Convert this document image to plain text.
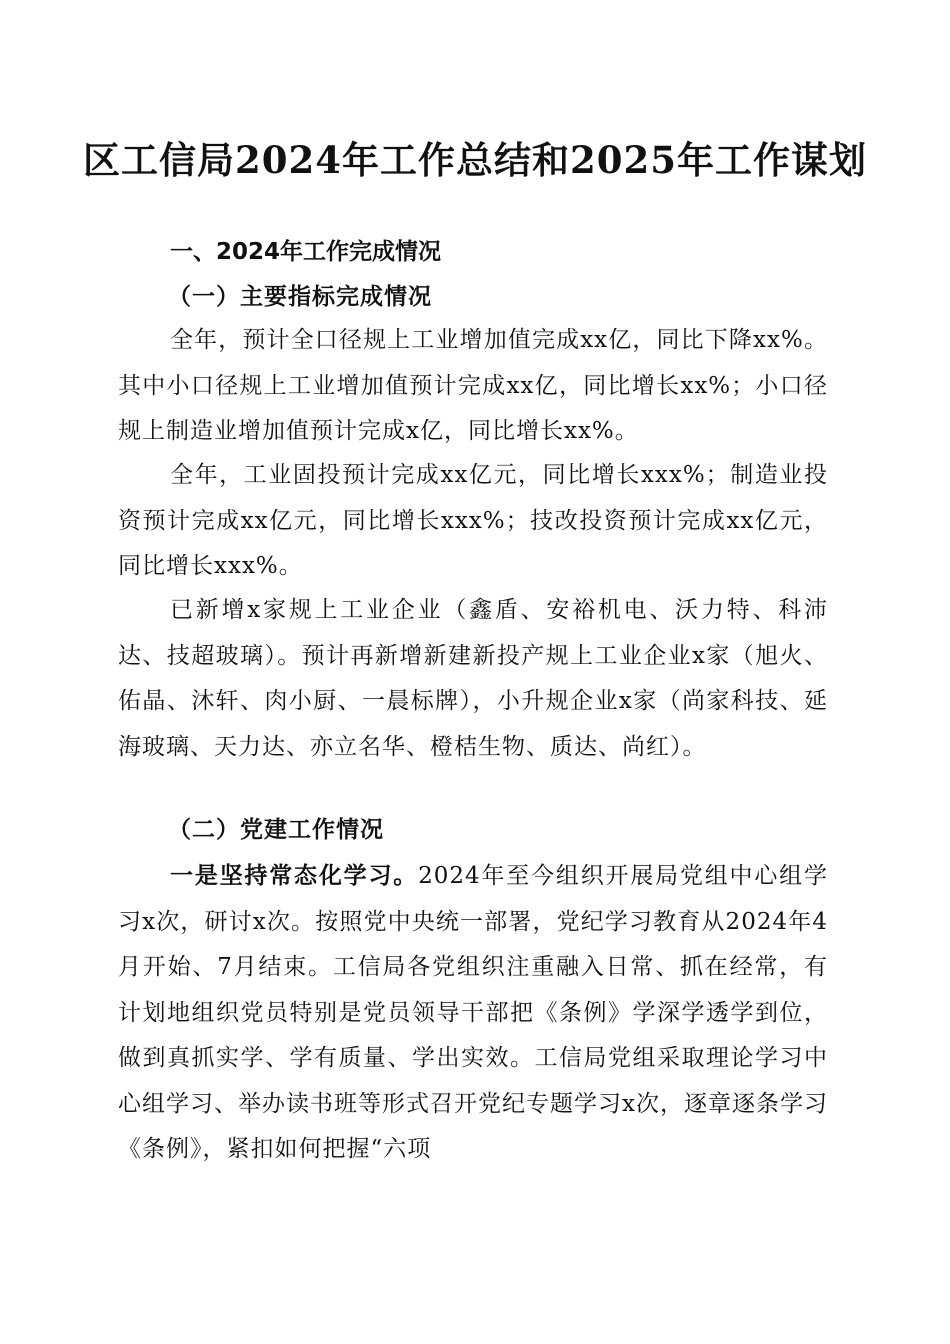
区工信局2024年工作总结和2025年工作谋划
一、2024年工作完成情况
（一）主要指标完成情况

全年，预计全口径规上工业增加值完成xx亿，同比下降xx%。其中小口径规上工业增加值预计完成xx亿，同比增长xx%；小口径规上制造业增加值预计完成x亿，同比增长xx%。

全年，工业固投预计完成xx亿元，同比增长xxx%；制造业投资预计完成xx亿元，同比增长xxx%；技改投资预计完成xx亿元，同比增长xxx%。

已新增x家规上工业企业（鑫盾、安裕机电、沃力特、科沛达、技超玻璃）。预计再新增新建新投产规上工业企业x家（旭火、佑晶、沐轩、肉小厨、一晨标牌），小升规企业x家（尚家科技、延海玻璃、天力达、亦立名华、橙桔生物、质达、尚红）。

（二）党建工作情况

一是坚持常态化学习。2024年至今组织开展局党组中心组学习x次，研讨x次。按照党中央统一部署，党纪学习教育从2024年4月开始、7月结束。工信局各党组织注重融入日常、抓在经常，有计划地组织党员特别是党员领导干部把《条例》学深学透学到位，做到真抓实学、学有质量、学出实效。工信局党组采取理论学习中心组学习、举办读书班等形式召开党纪专题学习x次，逐章逐条学习《条例》，紧扣如何把握“六项
